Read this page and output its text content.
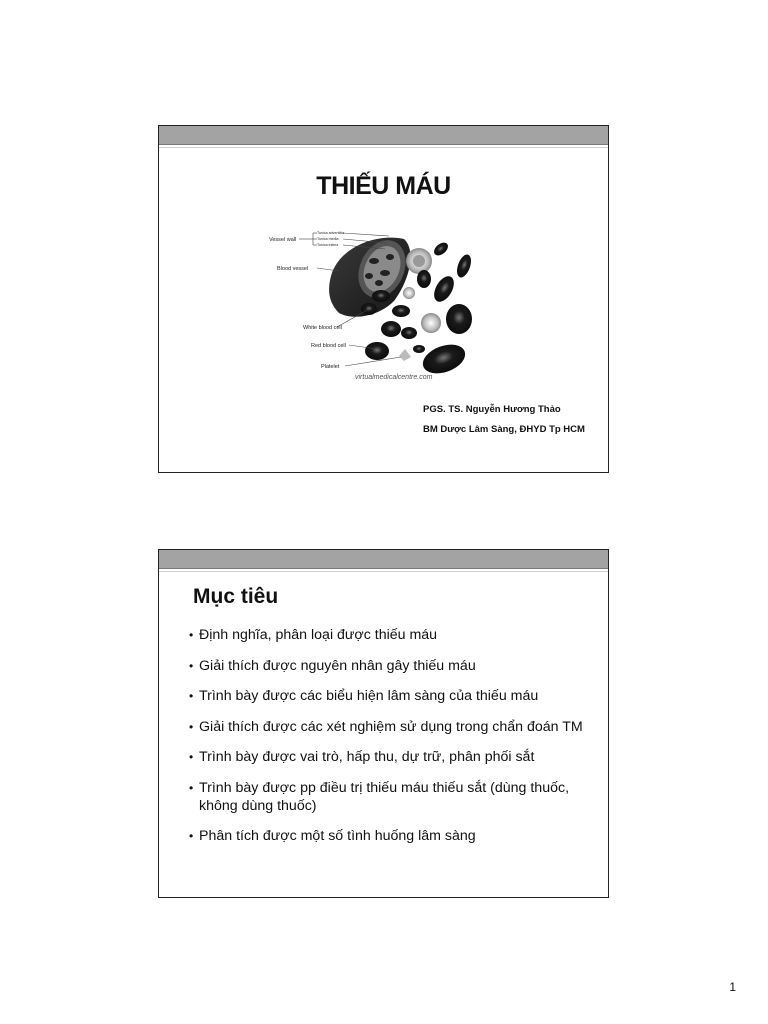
THIẾU MÁU
Vessel wall
Tunica adventitia
Tunica media
Tunica intima
Blood vessel
White blood cell
Red blood cell
Platelet
virtualmedicalcentre.com
PGS. TS. Nguyễn Hương Thảo
BM Dược Lâm Sàng, ĐHYD Tp HCM
Mục tiêu
• Định nghĩa, phân loại được thiếu máu
• Giải thích được nguyên nhân gây thiếu máu
• Trình bày được các biểu hiện lâm sàng của thiếu máu
• Giải thích được các xét nghiệm sử dụng trong chẩn đoán TM
• Trình bày được vai trò, hấp thu, dự trữ, phân phối sắt
• Trình bày được pp điều trị thiếu máu thiếu sắt (dùng thuốc,
không dùng thuốc)
• Phân tích được một số tình huống lâm sàng
1
